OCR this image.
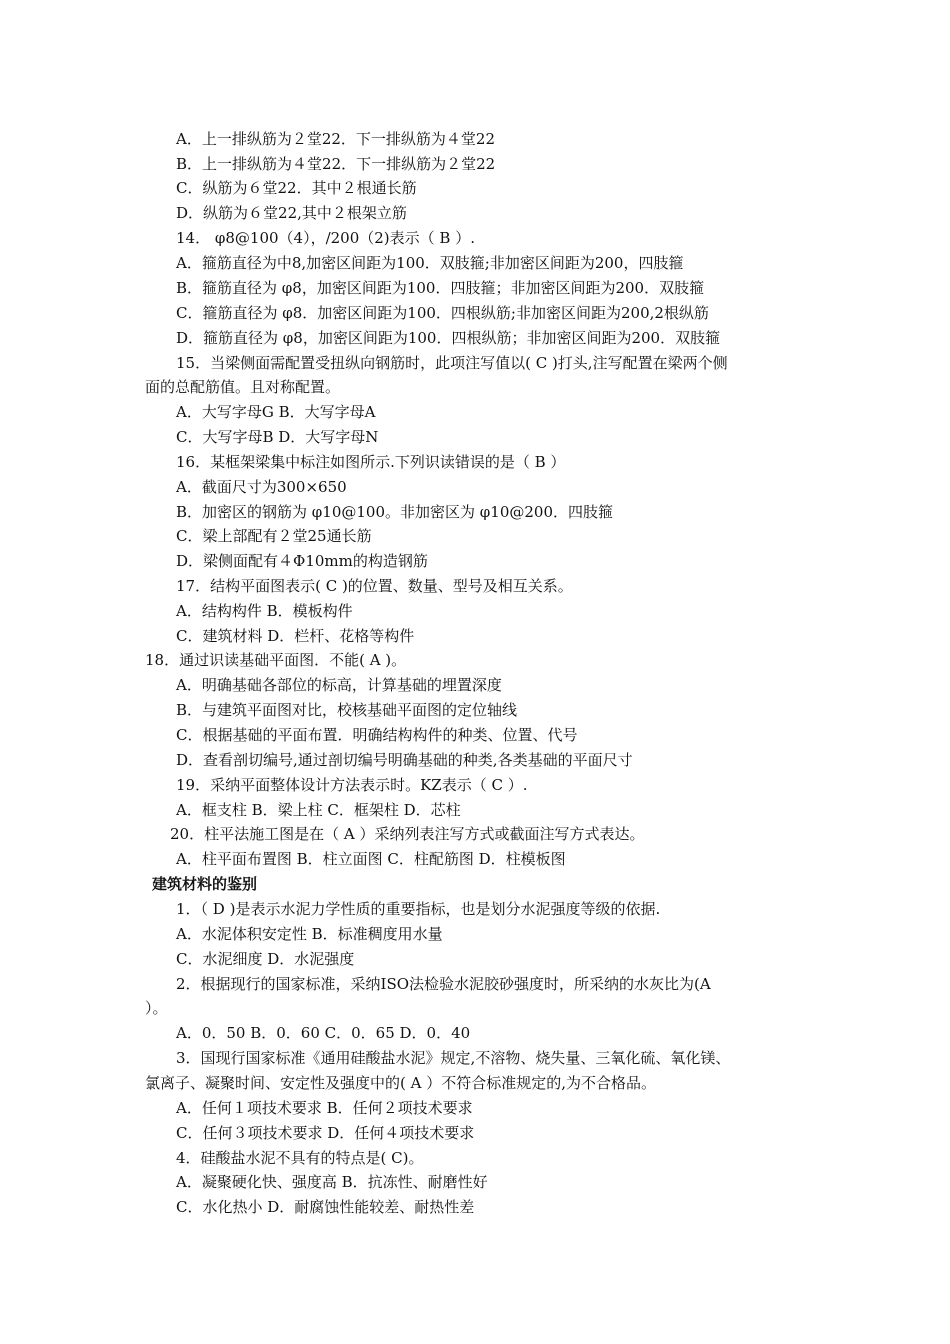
A．上一排纵筋为２堂22．下一排纵筋为４堂22
B．上一排纵筋为４堂22．下一排纵筋为２堂22
C．纵筋为６堂22．其中２根通长筋
D．纵筋为６堂22,其中２根架立筋
14． φ8@100（4），/200（2)表示（ B ）.
A．箍筋直径为中8,加密区间距为100．双肢箍;非加密区间距为200，四肢箍
B．箍筋直径为 φ8，加密区间距为100．四肢箍；非加密区间距为200．双肢箍
C．箍筋直径为 φ8．加密区间距为100．四根纵筋;非加密区间距为200,2根纵筋
D．箍筋直径为 φ8，加密区间距为100．四根纵筋；非加密区间距为200．双肢箍
15．当梁侧面需配置受扭纵向钢筋时，此项注写值以( C )打头,注写配置在梁两个侧
面的总配筋值。且对称配置。
A．大写字母G B．大写字母A
C．大写字母B D．大写字母N
16．某框架梁集中标注如图所示.下列识读错误的是（ B ）
A．截面尺寸为300×650
B．加密区的钢筋为 φ10@100。非加密区为 φ10@200．四肢箍
C．梁上部配有２堂25通长筋
D．梁侧面配有４Φ10mm的构造钢筋
17．结构平面图表示( C )的位置、数量、型号及相互关系。
A．结构构件 B．模板构件
C．建筑材料 D．栏杆、花格等构件
18．通过识读基础平面图．不能( A )。
A．明确基础各部位的标高，计算基础的埋置深度
B．与建筑平面图对比，校核基础平面图的定位轴线
C．根据基础的平面布置．明确结构构件的种类、位置、代号
D．查看剖切编号,通过剖切编号明确基础的种类,各类基础的平面尺寸
19．采纳平面整体设计方法表示时。KZ表示（ C ）.
A．框支柱 B．梁上柱 C．框架柱 D．芯柱
20．柱平法施工图是在（ A ）采纳列表注写方式或截面注写方式表达。
A．柱平面布置图 B．柱立面图 C．柱配筋图 D．柱模板图
建筑材料的鉴别
1．（ D )是表示水泥力学性质的重要指标，也是划分水泥强度等级的依据.
A．水泥体积安定性 B．标准稠度用水量
C．水泥细度 D．水泥强度
2．根据现行的国家标准，采纳ISO法检验水泥胶砂强度时，所采纳的水灰比为(A
）。
A．0．50 B．0．60 C．0．65 D．0．40
3．国现行国家标准《通用硅酸盐水泥》规定,不溶物、烧失量、三氧化硫、氧化镁、
氯离子、凝聚时间、安定性及强度中的( A ）不符合标准规定的,为不合格品。
A．任何１项技术要求 B．任何２项技术要求
C．任何３项技术要求 D．任何４项技术要求
4．硅酸盐水泥不具有的特点是( C)。
A．凝聚硬化快、强度高 B．抗冻性、耐磨性好
C．水化热小 D．耐腐蚀性能较差、耐热性差
